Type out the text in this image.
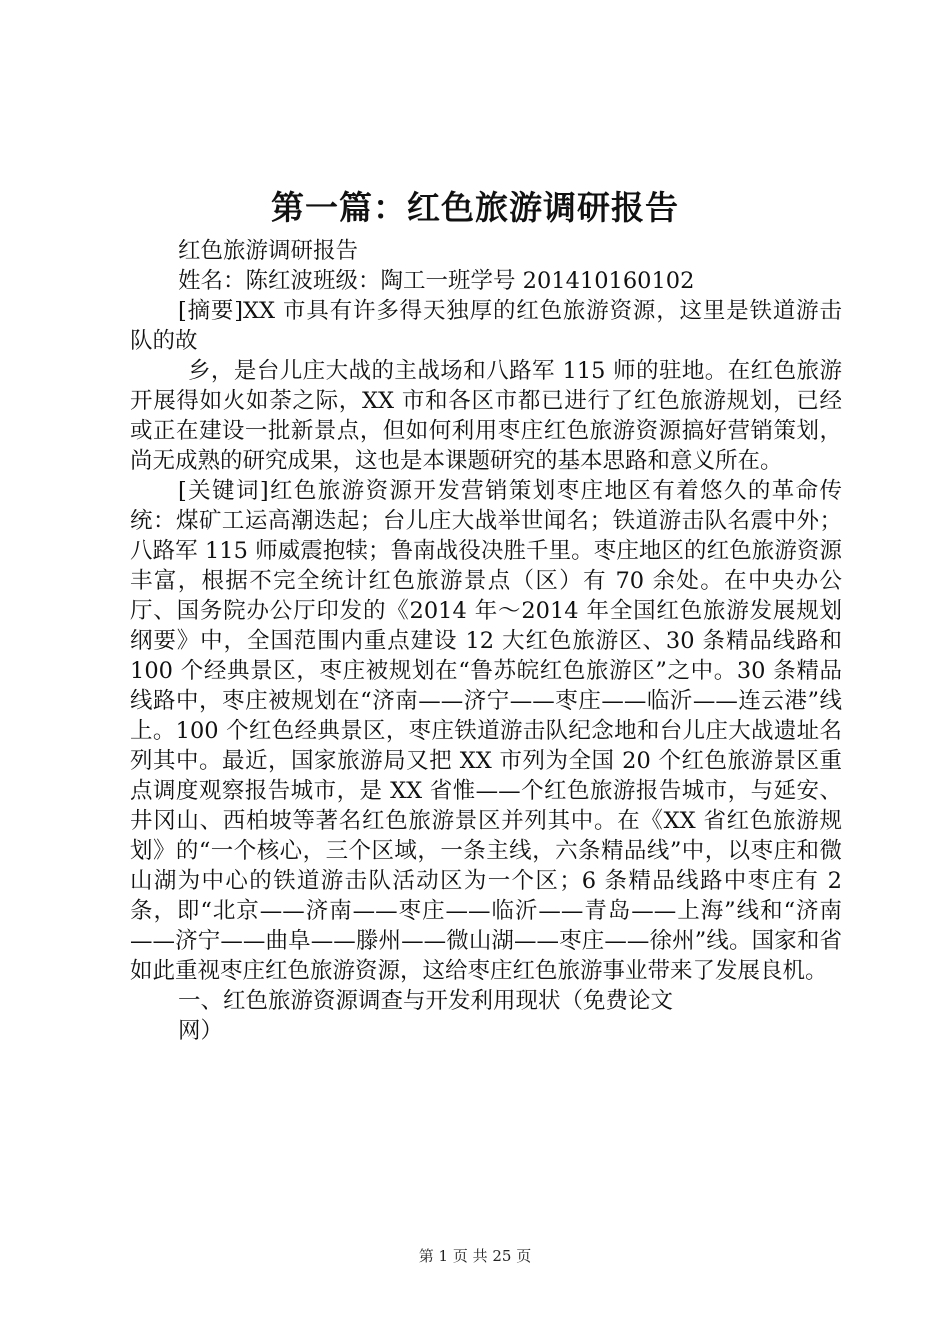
第一篇：红色旅游调研报告

红色旅游调研报告

姓名：陈红波班级：陶工一班学号 201410160102

[摘要]XX 市具有许多得天独厚的红色旅游资源，这里是铁道游击队的故

乡，是台儿庄大战的主战场和八路军 115 师的驻地。在红色旅游开展得如火如荼之际，XX 市和各区市都已进行了红色旅游规划，已经或正在建设一批新景点，但如何利用枣庄红色旅游资源搞好营销策划，尚无成熟的研究成果，这也是本课题研究的基本思路和意义所在。

[关键词]红色旅游资源开发营销策划枣庄地区有着悠久的革命传统：煤矿工运高潮迭起；台儿庄大战举世闻名；铁道游击队名震中外；八路军 115 师威震抱犊；鲁南战役决胜千里。枣庄地区的红色旅游资源丰富，根据不完全统计红色旅游景点（区）有 70 余处。在中央办公厅、国务院办公厅印发的《2014 年～2014 年全国红色旅游发展规划纲要》中，全国范围内重点建设 12 大红色旅游区、30 条精品线路和 100 个经典景区，枣庄被规划在“鲁苏皖红色旅游区”之中。30 条精品线路中，枣庄被规划在“济南——济宁——枣庄——临沂——连云港”线上。100 个红色经典景区，枣庄铁道游击队纪念地和台儿庄大战遗址名列其中。最近，国家旅游局又把 XX 市列为全国 20 个红色旅游景区重点调度观察报告城市，是 XX 省惟——个红色旅游报告城市，与延安、井冈山、西柏坡等著名红色旅游景区并列其中。在《XX 省红色旅游规划》的“一个核心，三个区域，一条主线，六条精品线”中，以枣庄和微山湖为中心的铁道游击队活动区为一个区；6 条精品线路中枣庄有 2 条，即“北京——济南——枣庄——临沂——青岛——上海”线和“济南——济宁——曲阜——滕州——微山湖——枣庄——徐州”线。国家和省如此重视枣庄红色旅游资源，这给枣庄红色旅游事业带来了发展良机。

一、红色旅游资源调查与开发利用现状（免费论文

网）

第 1 页 共 25 页
